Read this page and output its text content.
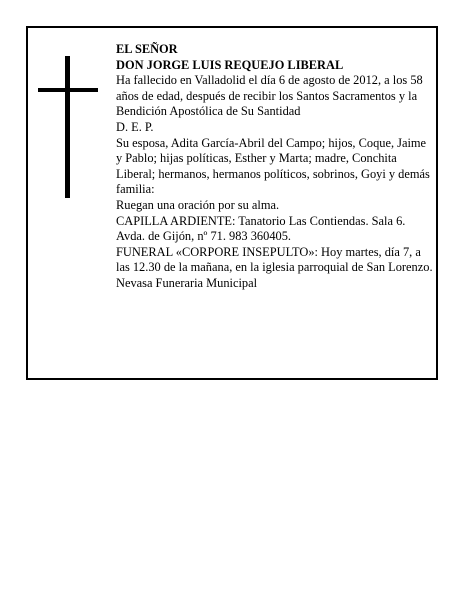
EL SEÑOR

DON JORGE LUIS REQUEJO LIBERAL

Ha fallecido en Valladolid el día 6 de agosto de 2012, a los 58 años de edad, después de recibir los Santos Sacramentos y la Bendición Apostólica de Su Santidad

D. E. P.

Su esposa, Adita García-Abril del Campo; hijos, Coque, Jaime y Pablo; hijas políticas, Esther y Marta; madre, Conchita Liberal; hermanos, hermanos políticos, sobrinos, Goyi y demás familia:

Ruegan una oración por su alma.

CAPILLA ARDIENTE: Tanatorio Las Contiendas. Sala 6. Avda. de Gijón, nº 71. 983 360405.

FUNERAL «CORPORE INSEPULTO»: Hoy martes, día 7, a las 12.30 de la mañana, en la iglesia parroquial de San Lorenzo.

Nevasa Funeraria Municipal
